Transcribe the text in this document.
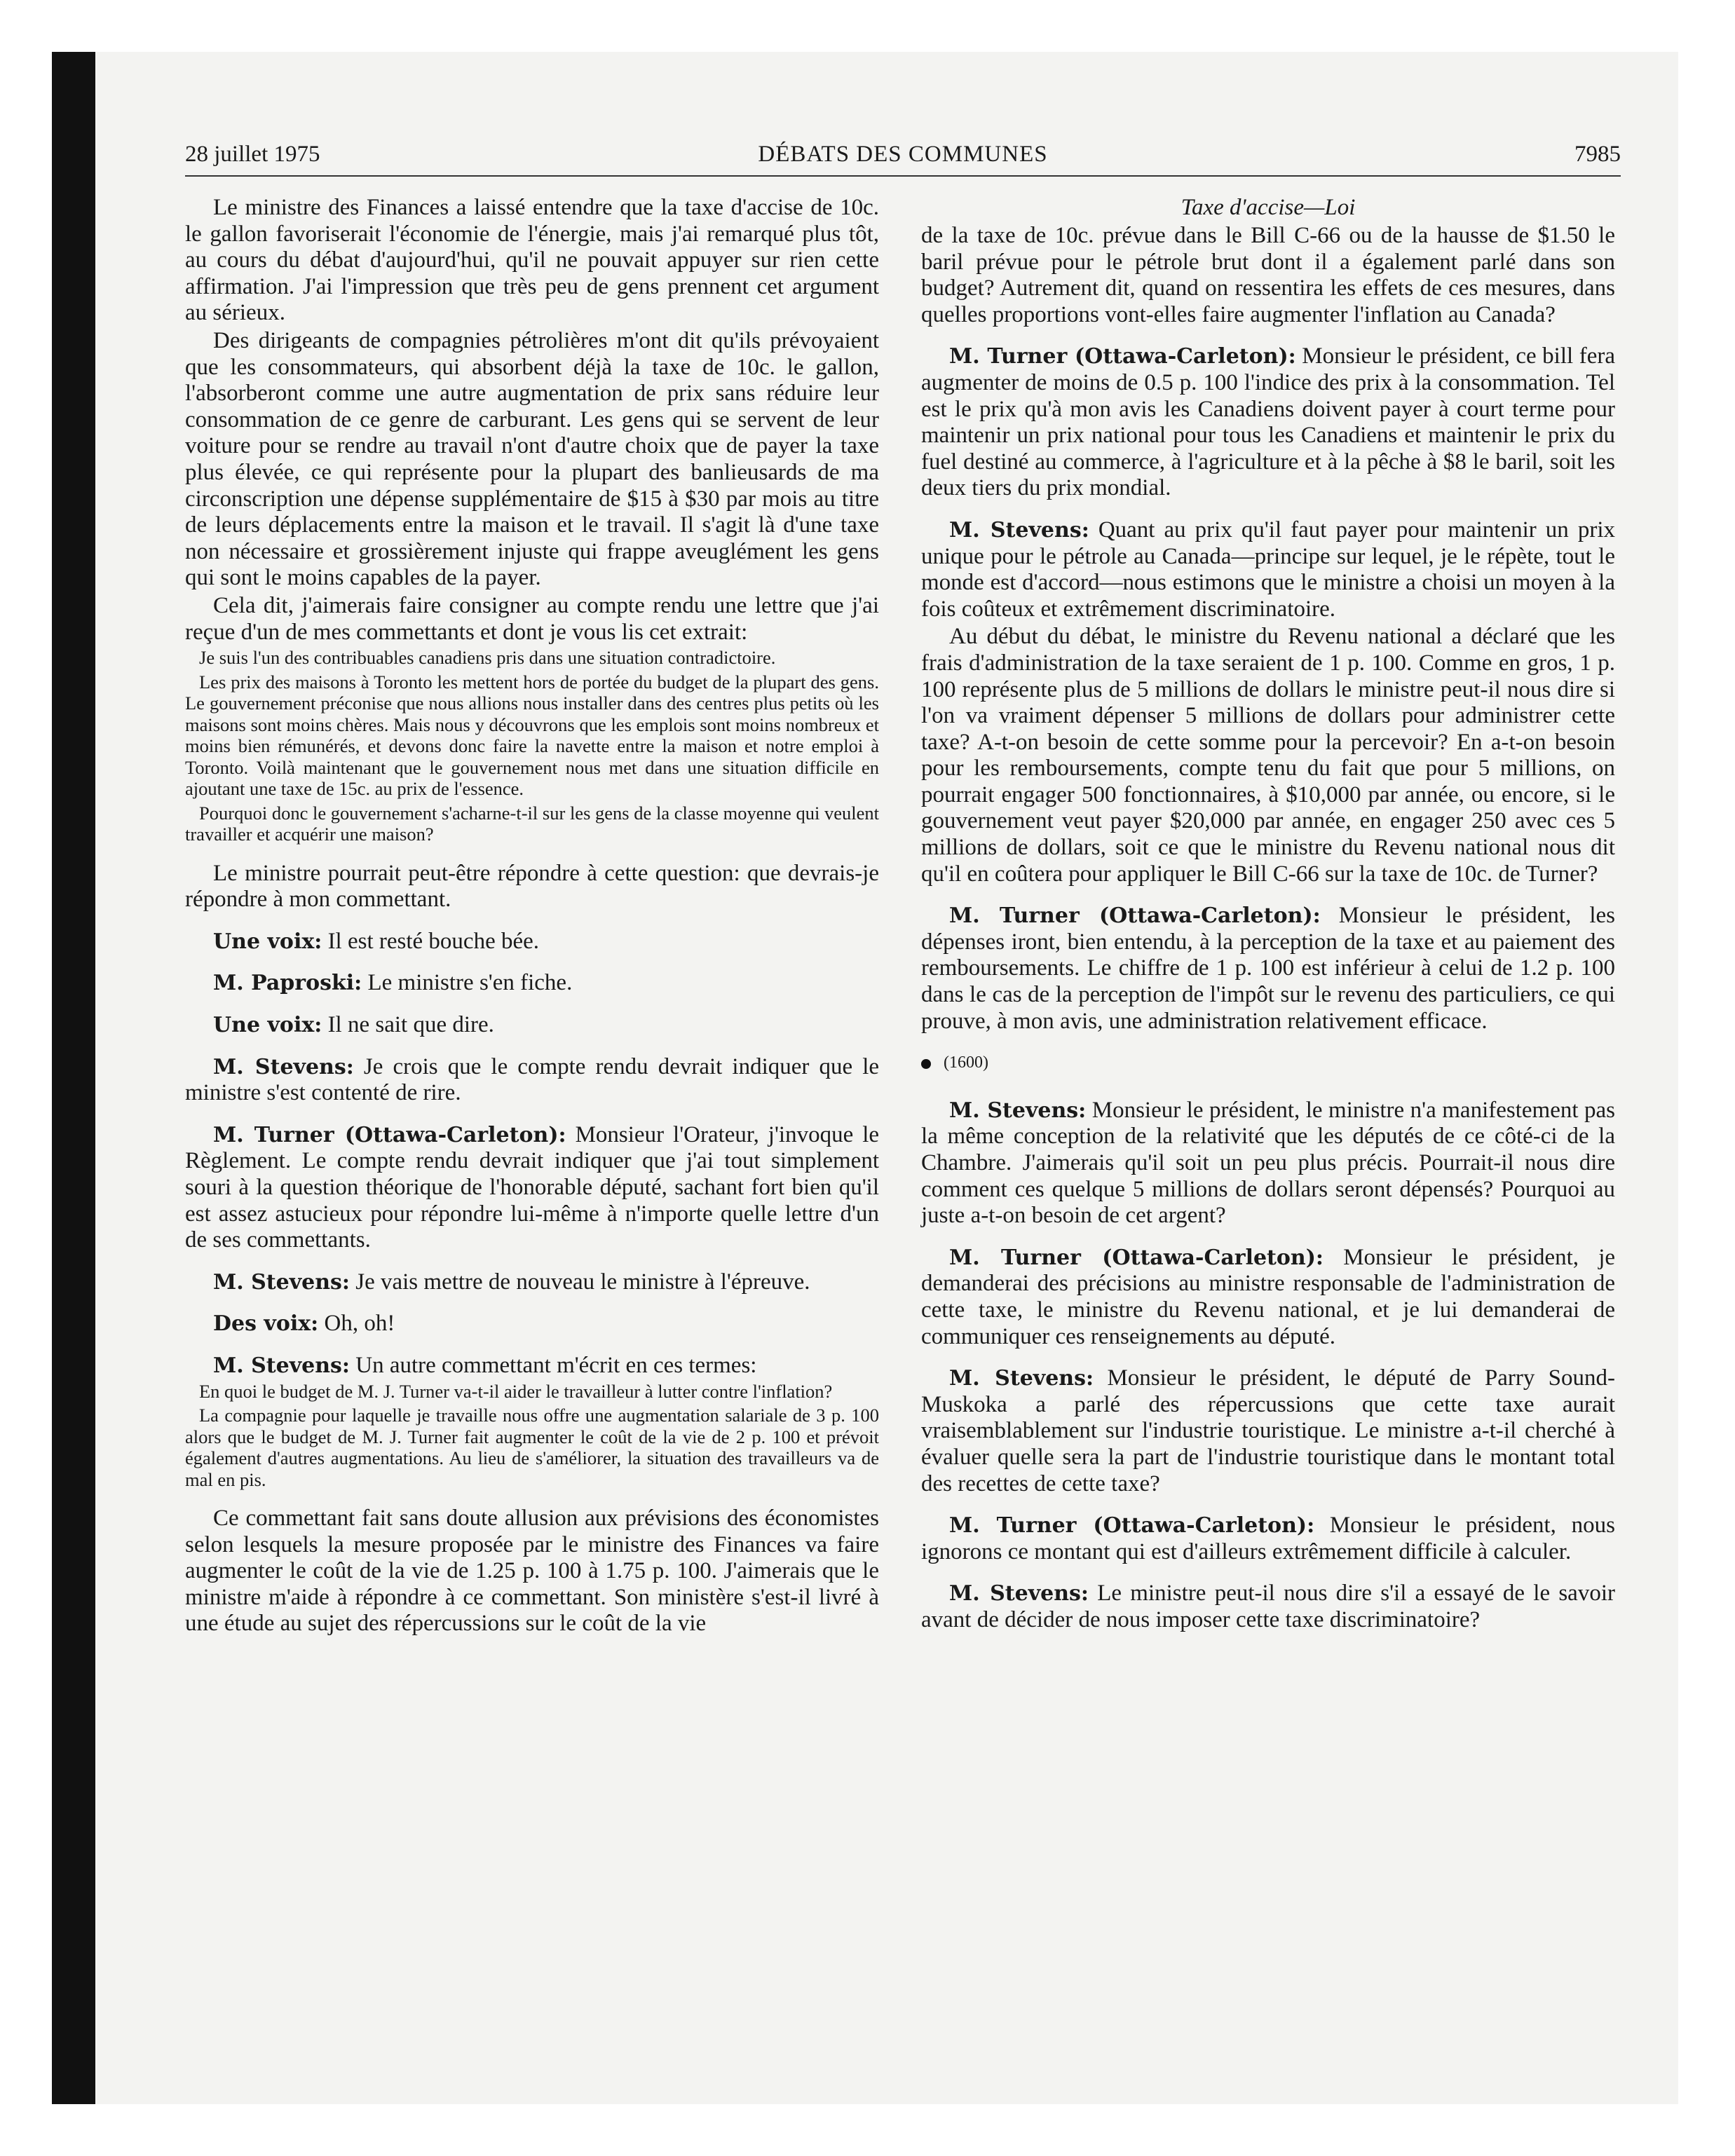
28 juillet 1975	DÉBATS DES COMMUNES	7985

Le ministre des Finances a laissé entendre que la taxe d'accise de 10c. le gallon favoriserait l'économie de l'énergie, mais j'ai remarqué plus tôt, au cours du débat d'aujourd'hui, qu'il ne pouvait appuyer sur rien cette affirmation. J'ai l'impression que très peu de gens prennent cet argument au sérieux.

Des dirigeants de compagnies pétrolières m'ont dit qu'ils prévoyaient que les consommateurs, qui absorbent déjà la taxe de 10c. le gallon, l'absorberont comme une autre augmentation de prix sans réduire leur consommation de ce genre de carburant. Les gens qui se servent de leur voiture pour se rendre au travail n'ont d'autre choix que de payer la taxe plus élevée, ce qui représente pour la plupart des banlieusards de ma circonscription une dépense supplémentaire de $15 à $30 par mois au titre de leurs déplacements entre la maison et le travail. Il s'agit là d'une taxe non nécessaire et grossièrement injuste qui frappe aveuglément les gens qui sont le moins capables de la payer.

Cela dit, j'aimerais faire consigner au compte rendu une lettre que j'ai reçue d'un de mes commettants et dont je vous lis cet extrait:

Je suis l'un des contribuables canadiens pris dans une situation contradictoire.

Les prix des maisons à Toronto les mettent hors de portée du budget de la plupart des gens. Le gouvernement préconise que nous allions nous installer dans des centres plus petits où les maisons sont moins chères. Mais nous y découvrons que les emplois sont moins nombreux et moins bien rémunérés, et devons donc faire la navette entre la maison et notre emploi à Toronto. Voilà maintenant que le gouvernement nous met dans une situation difficile en ajoutant une taxe de 15c. au prix de l'essence.

Pourquoi donc le gouvernement s'acharne-t-il sur les gens de la classe moyenne qui veulent travailler et acquérir une maison?

Le ministre pourrait peut-être répondre à cette question: que devrais-je répondre à mon commettant.

Une voix: Il est resté bouche bée.

M. Paproski: Le ministre s'en fiche.

Une voix: Il ne sait que dire.

M. Stevens: Je crois que le compte rendu devrait indiquer que le ministre s'est contenté de rire.

M. Turner (Ottawa-Carleton): Monsieur l'Orateur, j'invoque le Règlement. Le compte rendu devrait indiquer que j'ai tout simplement souri à la question théorique de l'honorable député, sachant fort bien qu'il est assez astucieux pour répondre lui-même à n'importe quelle lettre d'un de ses commettants.

M. Stevens: Je vais mettre de nouveau le ministre à l'épreuve.

Des voix: Oh, oh!

M. Stevens: Un autre commettant m'écrit en ces termes:

En quoi le budget de M. J. Turner va-t-il aider le travailleur à lutter contre l'inflation?

La compagnie pour laquelle je travaille nous offre une augmentation salariale de 3 p. 100 alors que le budget de M. J. Turner fait augmenter le coût de la vie de 2 p. 100 et prévoit également d'autres augmentations. Au lieu de s'améliorer, la situation des travailleurs va de mal en pis.

Ce commettant fait sans doute allusion aux prévisions des économistes selon lesquels la mesure proposée par le ministre des Finances va faire augmenter le coût de la vie de 1.25 p. 100 à 1.75 p. 100. J'aimerais que le ministre m'aide à répondre à ce commettant. Son ministère s'est-il livré à une étude au sujet des répercussions sur le coût de la vie

Taxe d'accise—Loi

de la taxe de 10c. prévue dans le Bill C-66 ou de la hausse de $1.50 le baril prévue pour le pétrole brut dont il a également parlé dans son budget? Autrement dit, quand on ressentira les effets de ces mesures, dans quelles proportions vont-elles faire augmenter l'inflation au Canada?

M. Turner (Ottawa-Carleton): Monsieur le président, ce bill fera augmenter de moins de 0.5 p. 100 l'indice des prix à la consommation. Tel est le prix qu'à mon avis les Canadiens doivent payer à court terme pour maintenir un prix national pour tous les Canadiens et maintenir le prix du fuel destiné au commerce, à l'agriculture et à la pêche à $8 le baril, soit les deux tiers du prix mondial.

M. Stevens: Quant au prix qu'il faut payer pour maintenir un prix unique pour le pétrole au Canada—principe sur lequel, je le répète, tout le monde est d'accord—nous estimons que le ministre a choisi un moyen à la fois coûteux et extrêmement discriminatoire.

Au début du débat, le ministre du Revenu national a déclaré que les frais d'administration de la taxe seraient de 1 p. 100. Comme en gros, 1 p. 100 représente plus de 5 millions de dollars le ministre peut-il nous dire si l'on va vraiment dépenser 5 millions de dollars pour administrer cette taxe? A-t-on besoin de cette somme pour la percevoir? En a-t-on besoin pour les remboursements, compte tenu du fait que pour 5 millions, on pourrait engager 500 fonctionnaires, à $10,000 par année, ou encore, si le gouvernement veut payer $20,000 par année, en engager 250 avec ces 5 millions de dollars, soit ce que le ministre du Revenu national nous dit qu'il en coûtera pour appliquer le Bill C-66 sur la taxe de 10c. de Turner?

M. Turner (Ottawa-Carleton): Monsieur le président, les dépenses iront, bien entendu, à la perception de la taxe et au paiement des remboursements. Le chiffre de 1 p. 100 est inférieur à celui de 1.2 p. 100 dans le cas de la perception de l'impôt sur le revenu des particuliers, ce qui prouve, à mon avis, une administration relativement efficace.

(1600)

M. Stevens: Monsieur le président, le ministre n'a manifestement pas la même conception de la relativité que les députés de ce côté-ci de la Chambre. J'aimerais qu'il soit un peu plus précis. Pourrait-il nous dire comment ces quelque 5 millions de dollars seront dépensés? Pourquoi au juste a-t-on besoin de cet argent?

M. Turner (Ottawa-Carleton): Monsieur le président, je demanderai des précisions au ministre responsable de l'administration de cette taxe, le ministre du Revenu national, et je lui demanderai de communiquer ces renseignements au député.

M. Stevens: Monsieur le président, le député de Parry Sound-Muskoka a parlé des répercussions que cette taxe aurait vraisemblablement sur l'industrie touristique. Le ministre a-t-il cherché à évaluer quelle sera la part de l'industrie touristique dans le montant total des recettes de cette taxe?

M. Turner (Ottawa-Carleton): Monsieur le président, nous ignorons ce montant qui est d'ailleurs extrêmement difficile à calculer.

M. Stevens: Le ministre peut-il nous dire s'il a essayé de le savoir avant de décider de nous imposer cette taxe discriminatoire?
